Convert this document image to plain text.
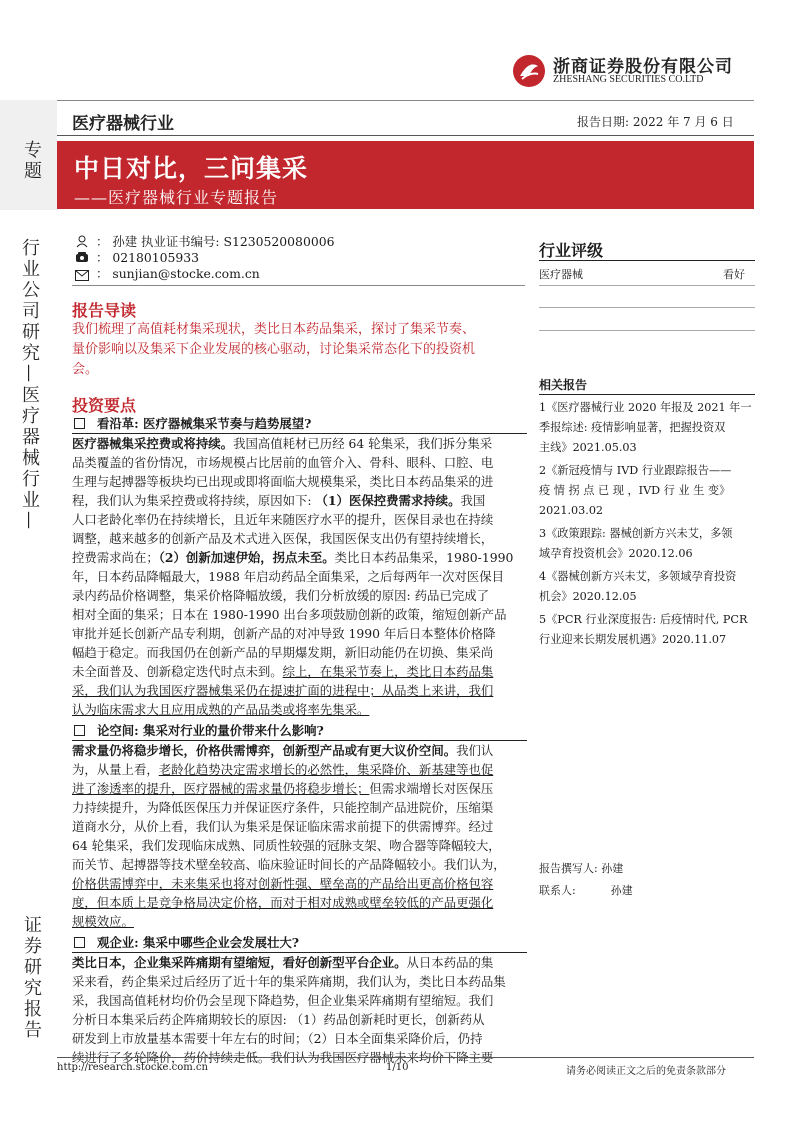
专题
行业公司研究—医疗器械行业—
证券研究报告
浙商证券股份有限公司
ZHESHANG SECURITIES CO.LTD
医疗器械行业	报告日期: 2022 年 7 月 6 日
中日对比，三问集采
——医疗器械行业专题报告
： 孙建 执业证书编号: S1230520080006
： 02180105933
： sunjian@stocke.com.cn
报告导读
我们梳理了高值耗材集采现状，类比日本药品集采，探讨了集采节奏、
量价影响以及集采下企业发展的核心驱动，讨论集采常态化下的投资机
会。
投资要点
看沿革: 医疗器械集采节奏与趋势展望?
医疗器械集采控费或将持续。我国高值耗材已历经 64 轮集采，我们拆分集采
品类覆盖的省份情况，市场规模占比居前的血管介入、骨科、眼科、口腔、电
生理与起搏器等板块均已出现或即将面临大规模集采，类比日本药品集采的进
程，我们认为集采控费或将持续，原因如下: （1）医保控费需求持续。我国
人口老龄化率仍在持续增长，且近年来随医疗水平的提升，医保目录也在持续
调整，越来越多的创新产品及术式进入医保，我国医保支出仍有望持续增长，
控费需求尚在；（2）创新加速伊始，拐点未至。类比日本药品集采，1980-1990
年，日本药品降幅最大，1988 年启动药品全面集采，之后每两年一次对医保目
录内药品价格调整，集采价格降幅放缓，我们分析放缓的原因: 药品已完成了
相对全面的集采；日本在 1980-1990 出台多项鼓励创新的政策，缩短创新产品
审批并延长创新产品专利期，创新产品的对冲导致 1990 年后日本整体价格降
幅趋于稳定。而我国仍在创新产品的早期爆发期，新旧动能仍在切换、集采尚
未全面普及、创新稳定迭代时点未到。综上，在集采节奏上，类比日本药品集
采，我们认为我国医疗器械集采仍在提速扩面的进程中；从品类上来讲，我们
认为临床需求大且应用成熟的产品品类或将率先集采。
论空间: 集采对行业的量价带来什么影响?
需求量仍将稳步增长，价格供需博弈，创新型产品或有更大议价空间。我们认
为，从量上看，老龄化趋势决定需求增长的必然性，集采降价、新基建等也促
进了渗透率的提升，医疗器械的需求量仍将稳步增长；但需求端增长对医保压
力持续提升，为降低医保压力并保证医疗条件，只能控制产品进院价，压缩渠
道商水分，从价上看，我们认为集采是保证临床需求前提下的供需博弈。经过
64 轮集采，我们发现临床成熟、同质性较强的冠脉支架、吻合器等降幅较大，
而关节、起搏器等技术壁垒较高、临床验证时间长的产品降幅较小。我们认为，
价格供需博弈中，未来集采也将对创新性强、壁垒高的产品给出更高价格包容
度，但本质上是竞争格局决定价格，而对于相对成熟或壁垒较低的产品更强化
规模效应。
观企业: 集采中哪些企业会发展壮大?
类比日本，企业集采阵痛期有望缩短，看好创新型平台企业。从日本药品的集
采来看，药企集采过后经历了近十年的集采阵痛期，我们认为，类比日本药品集
采，我国高值耗材均价仍会呈现下降趋势，但企业集采阵痛期有望缩短。我们
分析日本集采后药企阵痛期较长的原因: （1）药品创新耗时更长，创新药从
研发到上市放量基本需要十年左右的时间；（2）日本全面集采降价后，仍持
续进行了多轮降价，药价持续走低。我们认为我国医疗器械未来均价下降主要
行业评级
医疗器械	看好
相关报告
1《医疗器械行业 2020 年报及 2021 年一
季报综述: 疫情影响显著，把握投资双
主线》2021.05.03
2《新冠疫情与 IVD 行业跟踪报告——
疫 情 拐 点 已 现 ，IVD 行 业 生 变》
2021.03.02
3《政策跟踪: 器械创新方兴未艾，多领
域孕育投资机会》2020.12.06
4《器械创新方兴未艾，多领域孕育投资
机会》2020.12.05
5《PCR 行业深度报告: 后疫情时代, PCR
行业迎来长期发展机遇》2020.11.07
报告撰写人: 孙建
联系人:          孙建
http://research.stocke.com.cn	1/10	请务必阅读正文之后的免责条款部分
